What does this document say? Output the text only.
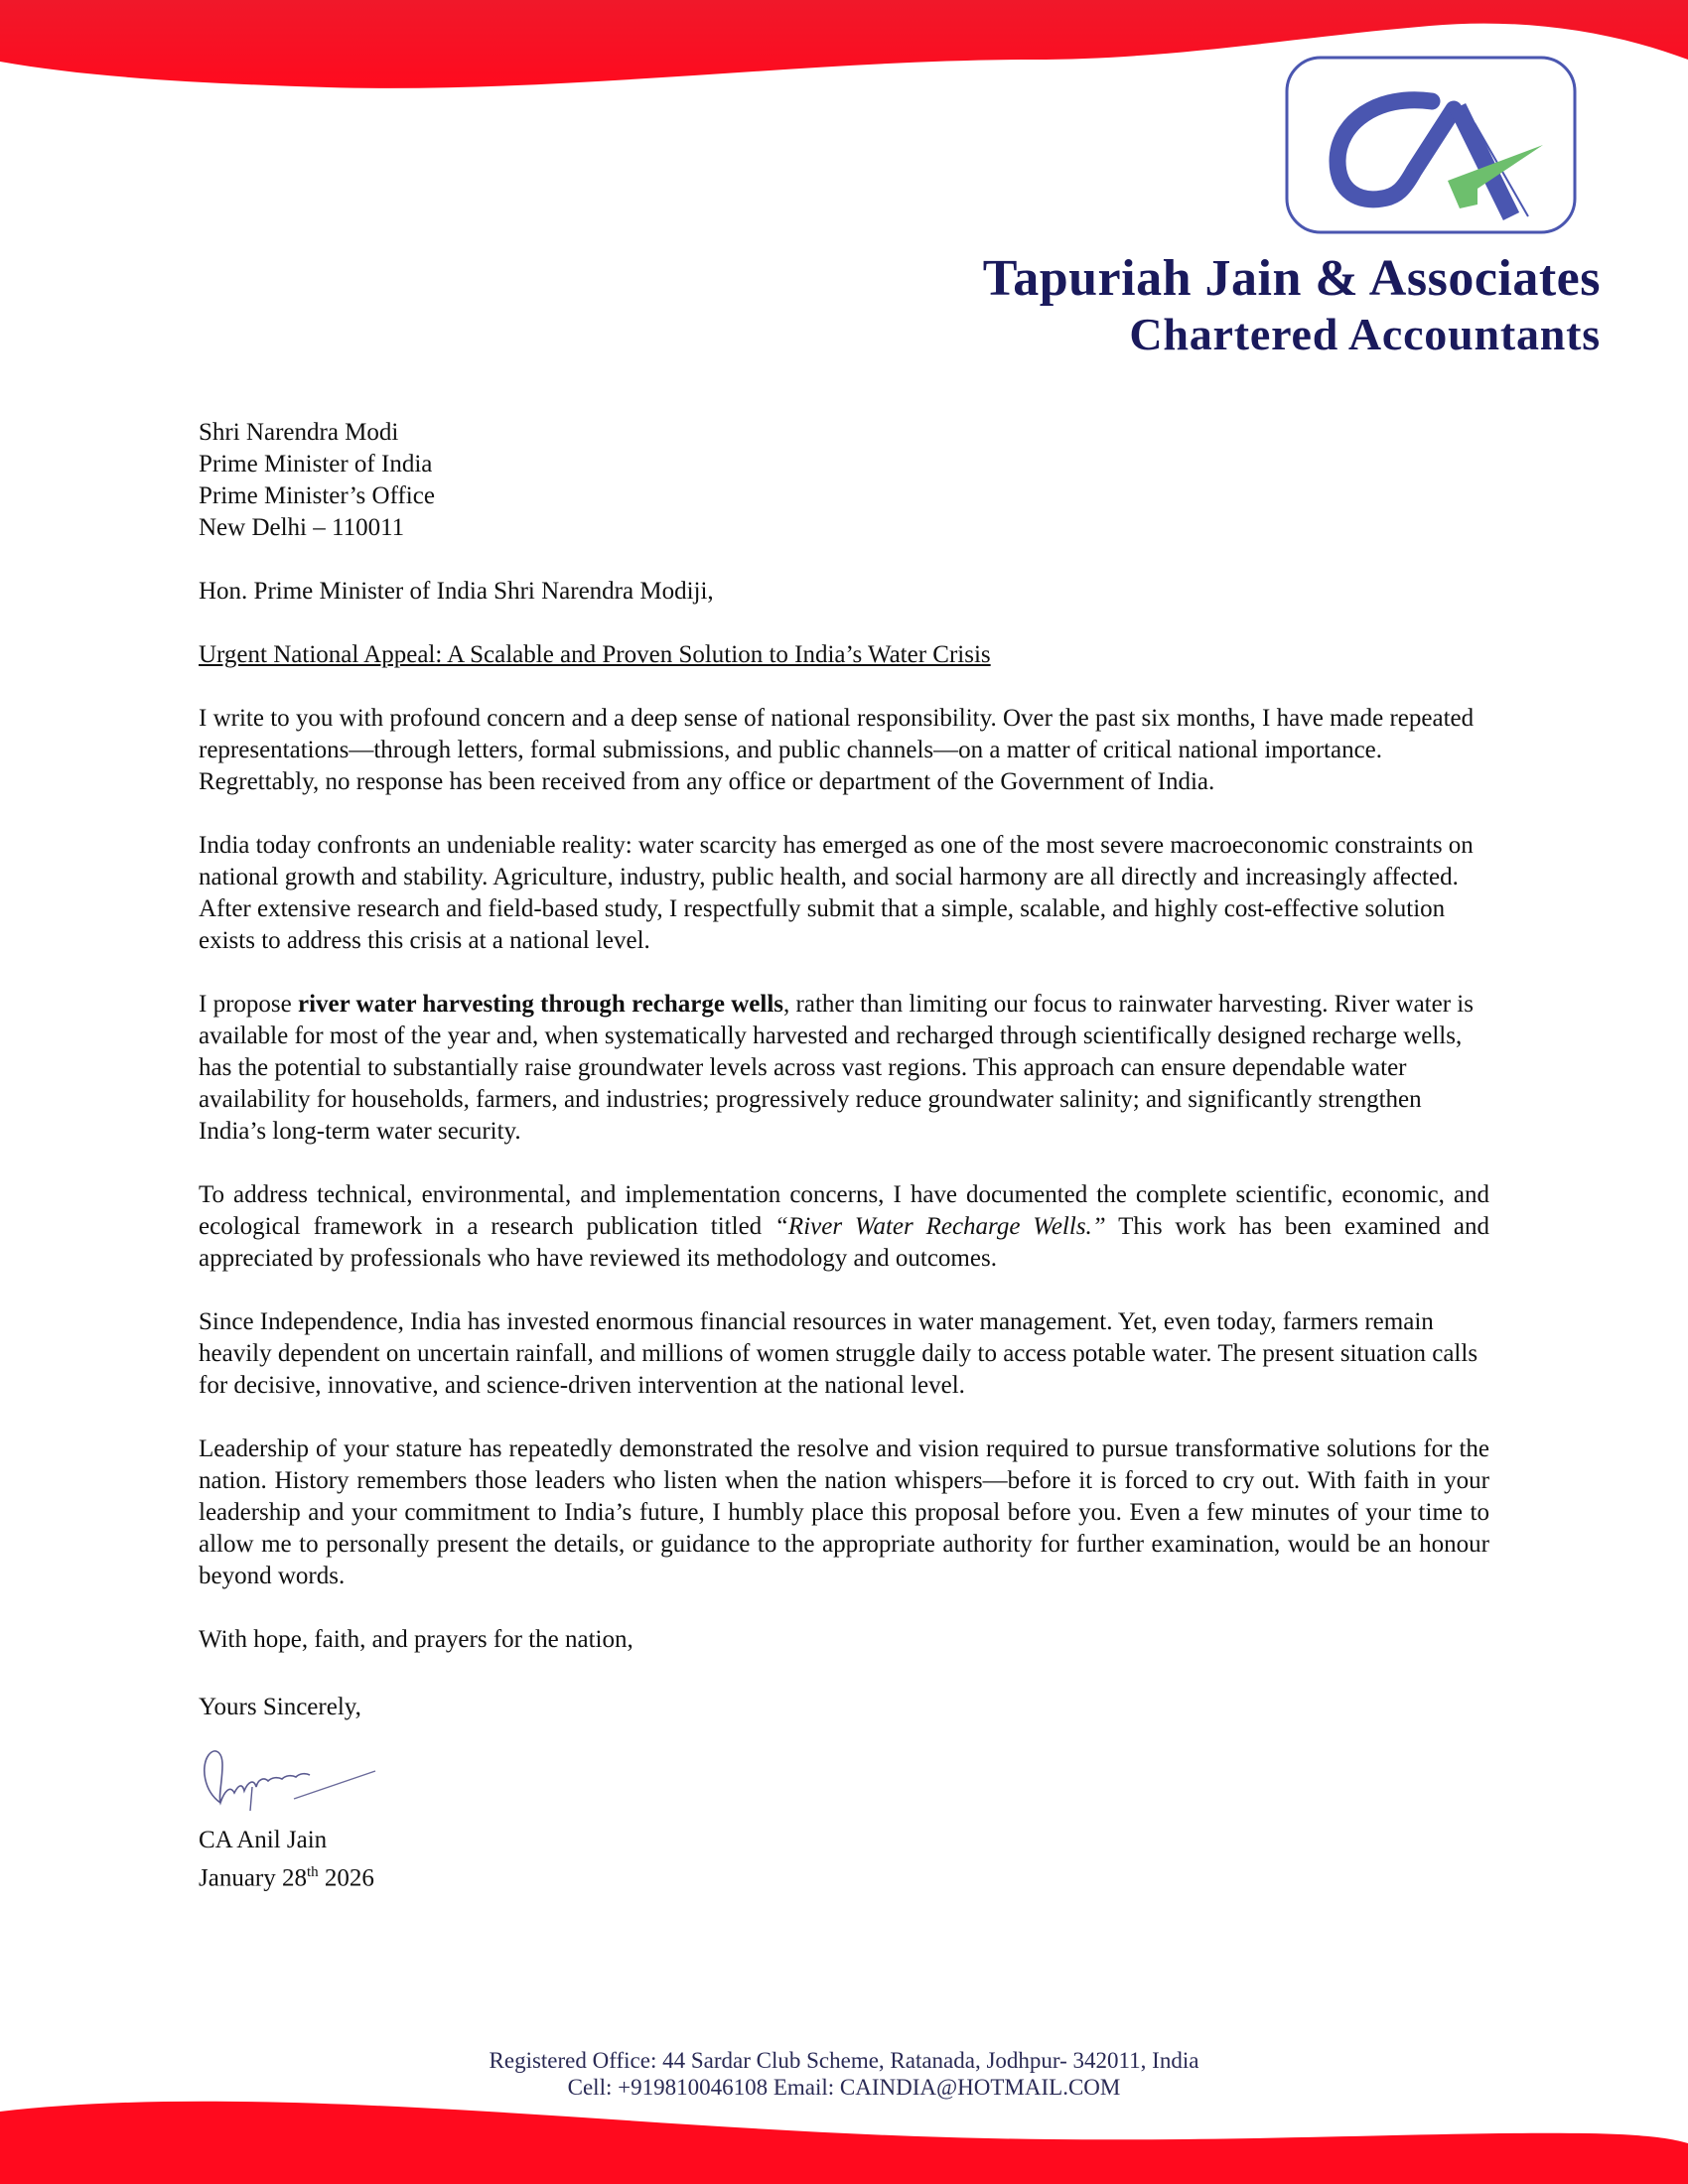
Tapuriah Jain & Associates
Chartered Accountants
Shri Narendra Modi
Prime Minister of India
Prime Minister’s Office
New Delhi – 110011
Hon. Prime Minister of India Shri Narendra Modiji,
Urgent National Appeal: A Scalable and Proven Solution to India’s Water Crisis

I write to you with profound concern and a deep sense of national responsibility. Over the past six months, I have made repeated representations—through letters, formal submissions, and public channels—on a matter of critical national importance. Regrettably, no response has been received from any office or department of the Government of India.

India today confronts an undeniable reality: water scarcity has emerged as one of the most severe macroeconomic constraints on national growth and stability. Agriculture, industry, public health, and social harmony are all directly and increasingly affected. After extensive research and field-based study, I respectfully submit that a simple, scalable, and highly cost-effective solution exists to address this crisis at a national level.

I propose river water harvesting through recharge wells, rather than limiting our focus to rainwater harvesting. River water is available for most of the year and, when systematically harvested and recharged through scientifically designed recharge wells, has the potential to substantially raise groundwater levels across vast regions. This approach can ensure dependable water availability for households, farmers, and industries; progressively reduce groundwater salinity; and significantly strengthen India’s long-term water security.

To address technical, environmental, and implementation concerns, I have documented the complete scientific, economic, and ecological framework in a research publication titled “River Water Recharge Wells.” This work has been examined and appreciated by professionals who have reviewed its methodology and outcomes.

Since Independence, India has invested enormous financial resources in water management. Yet, even today, farmers remain heavily dependent on uncertain rainfall, and millions of women struggle daily to access potable water. The present situation calls for decisive, innovative, and science-driven intervention at the national level.

Leadership of your stature has repeatedly demonstrated the resolve and vision required to pursue transformative solutions for the nation. History remembers those leaders who listen when the nation whispers—before it is forced to cry out. With faith in your leadership and your commitment to India’s future, I humbly place this proposal before you. Even a few minutes of your time to allow me to personally present the details, or guidance to the appropriate authority for further examination, would be an honour beyond words.

With hope, faith, and prayers for the nation,
Yours Sincerely,
CA Anil Jain
January 28th 2026
Registered Office: 44 Sardar Club Scheme, Ratanada, Jodhpur- 342011, India
Cell: +919810046108 Email: CAINDIA@HOTMAIL.COM
